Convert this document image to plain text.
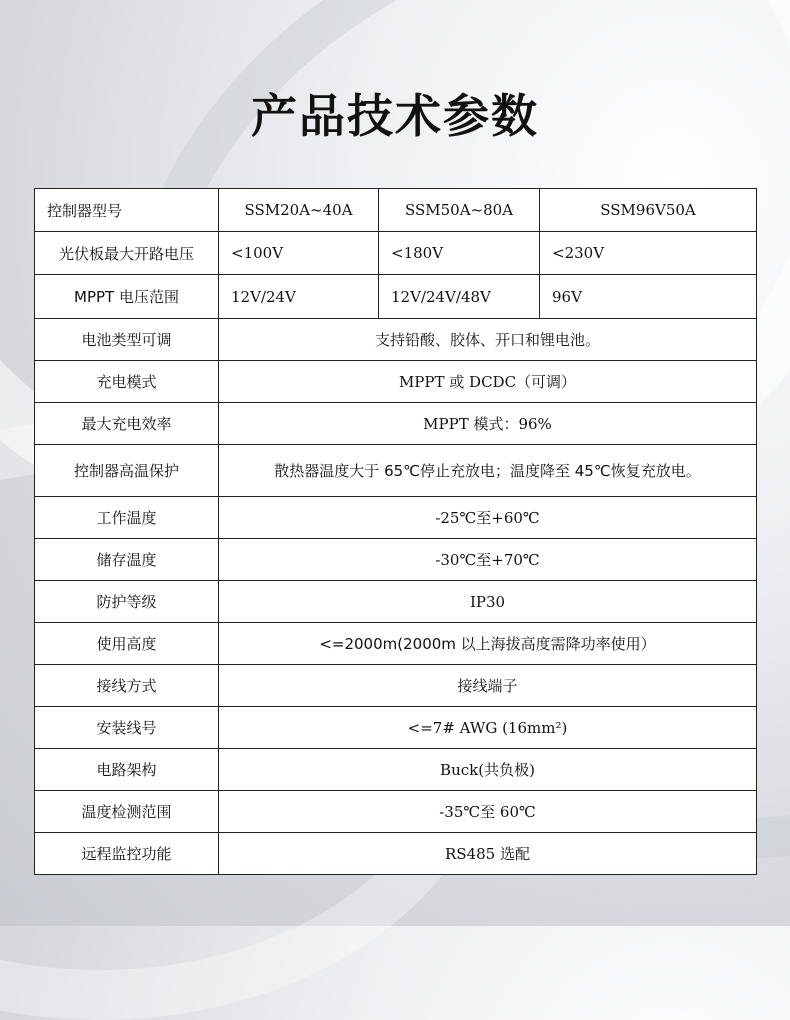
产品技术参数
控制器型号	SSM20A~40A	SSM50A~80A	SSM96V50A
光伏板最大开路电压	<100V	<180V	<230V
MPPT 电压范围	12V/24V	12V/24V/48V	96V
电池类型可调	支持铅酸、胶体、开口和锂电池。		
充电模式	MPPT 或 DCDC（可调）		
最大充电效率	MPPT 模式：96%		
控制器高温保护	散热器温度大于 65℃停止充放电；温度降至 45℃恢复充放电。		
工作温度	-25℃至+60℃		
储存温度	-30℃至+70℃		
防护等级	IP30		
使用高度	<=2000m(2000m 以上海拔高度需降功率使用）		
接线方式	接线端子		
安装线号	<=7# AWG (16mm²)		
电路架构	Buck(共负极)		
温度检测范围	-35℃至 60℃		
远程监控功能	RS485 选配		
